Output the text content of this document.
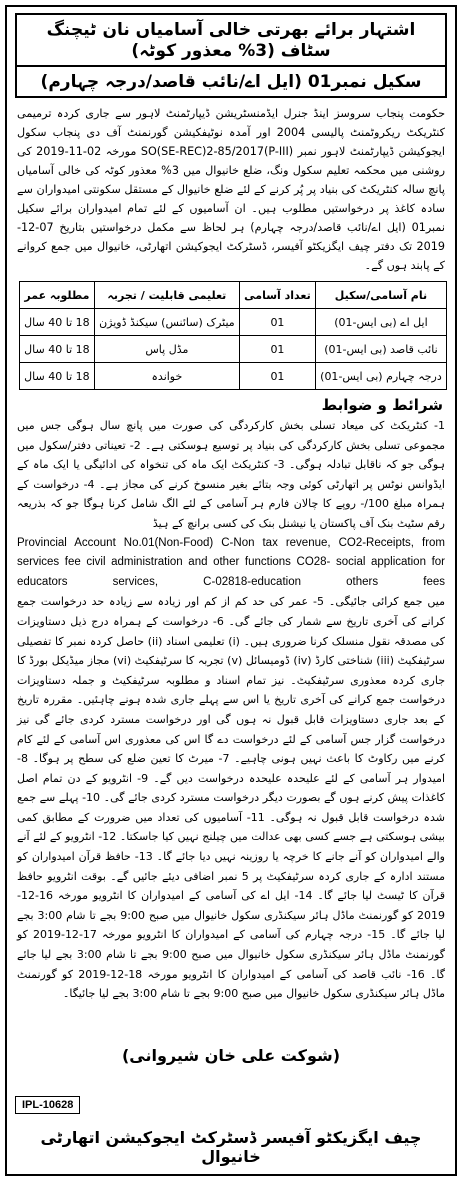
اشتہار برائے بھرتی خالی آسامیاں نان ٹیچنگ سٹاف (3% معذور کوٹہ)
سکیل نمبر01 (ایل اے/نائب قاصد/درجہ چہارم)
حکومت پنجاب سروسز اینڈ جنرل ایڈمنسٹریشن ڈیپارٹمنٹ لاہور سے جاری کردہ ترمیمی کنٹریکٹ ریکروٹمنٹ پالیسی 2004 اور آمدہ نوٹیفکیشن گورنمنٹ آف دی پنجاب سکول ایجوکیشن ڈیپارٹمنٹ لاہور نمبر SO(SE-REC)2-85/2017(P-III) مورخہ 02-11-2019 کی روشنی میں محکمہ تعلیم سکول ونگ، ضلع خانیوال میں 3% معذور کوٹہ کی خالی آسامیاں پانچ سالہ کنٹریکٹ کی بنیاد پر پُر کرنے کے لئے ضلع خانیوال کے مستقل سکونتی امیدواران سے سادہ کاغذ پر درخواستیں مطلوب ہیں۔ ان آسامیوں کے لئے تمام امیدواران برائے سکیل نمبر01 (ایل اے/نائب قاصد/درجہ چہارم) ہر لحاظ سے مکمل درخواستیں بتاریخ 07-12-2019 تک دفتر چیف ایگزیکٹو آفیسر، ڈسٹرکٹ ایجوکیشن اتھارٹی، خانیوال میں جمع کروانے کے پابند ہوں گے۔
نام آسامی/سکیل	تعداد آسامی	تعلیمی قابلیت / تجربہ	مطلوبہ عمر
ایل اے (بی ایس-01)	01	میٹرک (سائنس) سیکنڈ ڈویژن	18 تا 40 سال
نائب قاصد (بی ایس-01)	01	مڈل پاس	18 تا 40 سال
درجہ چہارم (بی ایس-01)	01	خواندہ	18 تا 40 سال
شرائط و ضوابط
1- کنٹریکٹ کی میعاد تسلی بخش کارکردگی کی صورت میں پانچ سال ہوگی جس میں مجموعی تسلی بخش کارکردگی کی بنیاد پر توسیع ہوسکتی ہے۔ 2- تعیناتی دفتر/سکول میں ہوگی جو کہ ناقابل تبادلہ ہوگی۔ 3- کنٹریکٹ ایک ماہ کی تنخواہ کی ادائیگی یا ایک ماہ کے ایڈوانس نوٹس پر اتھارٹی کوئی وجہ بتائے بغیر منسوخ کرنے کی مجاز ہے۔ 4- درخواست کے ہمراہ مبلغ 100/- روپے کا چالان فارم ہر آسامی کے لئے الگ شامل کرنا ہوگا جو کہ بذریعہ رقم سٹیٹ بنک آف پاکستان یا نیشنل بنک کی کسی برانچ کے ہیڈ
Provincial Account No.01(Non-Food) C-Non tax revenue, CO2-Receipts, from services fee civil administration and other functions CO28- social application for educators services, C-02818-education others fees
میں جمع کرائی جائیگی۔ 5- عمر کی حد کم از کم اور زیادہ سے زیادہ حد درخواست جمع کرانے کی آخری تاریخ سے شمار کی جائے گی۔ 6- درخواست کے ہمراہ درج ذیل دستاویزات کی مصدقہ نقول منسلک کرنا ضروری ہیں۔ (i) تعلیمی اسناد (ii) حاصل کردہ نمبر کا تفصیلی سرٹیفکیٹ (iii) شناختی کارڈ (iv) ڈومیسائل (v) تجربہ کا سرٹیفکیٹ (vi) مجاز میڈیکل بورڈ کا جاری کردہ معذوری سرٹیفکیٹ۔ نیز تمام اسناد و مطلوبہ سرٹیفکیٹ و جملہ دستاویزات درخواست جمع کرانے کی آخری تاریخ یا اس سے پہلے جاری شدہ ہونے چاہئیں۔ مقررہ تاریخ کے بعد جاری دستاویزات قابل قبول نہ ہوں گی اور درخواست مسترد کردی جائے گی نیز درخواست گزار جس آسامی کے لئے درخواست دے گا اس کی معذوری اس آسامی کے لئے کام کرنے میں رکاوٹ کا باعث نہیں ہونی چاہیے۔ 7- میرٹ کا تعین ضلع کی سطح پر ہوگا۔ 8- امیدوار ہر آسامی کے لئے علیحدہ علیحدہ درخواست دیں گے۔ 9- انٹرویو کے دن تمام اصل کاغذات پیش کرنے ہوں گے بصورت دیگر درخواست مسترد کردی جائے گی۔ 10- پہلے سے جمع شدہ درخواست قابل قبول نہ ہوگی۔ 11- آسامیوں کی تعداد میں ضرورت کے مطابق کمی بیشی ہوسکتی ہے جسے کسی بھی عدالت میں چیلنج نہیں کیا جاسکتا۔ 12- انٹرویو کے لئے آنے والے امیدواران کو آنے جانے کا خرچہ یا روزینہ نہیں دیا جائے گا۔ 13- حافظ قرآن امیدواران کو مستند ادارہ کے جاری کردہ سرٹیفکیٹ پر 5 نمبر اضافی دیئے جائیں گے۔ بوقت انٹرویو حافظ قرآن کا ٹیسٹ لیا جائے گا۔ 14- ایل اے کی آسامی کے امیدواران کا انٹرویو مورخہ 16-12-2019 کو گورنمنٹ ماڈل ہائر سیکنڈری سکول خانیوال میں صبح 9:00 بجے تا شام 3:00 بجے لیا جائے گا۔ 15- درجہ چہارم کی آسامی کے امیدواران کا انٹرویو مورخہ 17-12-2019 کو گورنمنٹ ماڈل ہائر سیکنڈری سکول خانیوال میں صبح 9:00 بجے تا شام 3:00 بجے لیا جائے گا۔ 16- نائب قاصد کی آسامی کے امیدواران کا انٹرویو مورخہ 18-12-2019 کو گورنمنٹ ماڈل ہائر سیکنڈری سکول خانیوال میں صبح 9:00 بجے تا شام 3:00 بجے لیا جائیگا۔
(شوکت علی خان شیروانی)
IPL-10628
چیف ایگزیکٹو آفیسر ڈسٹرکٹ ایجوکیشن اتھارٹی خانیوال
